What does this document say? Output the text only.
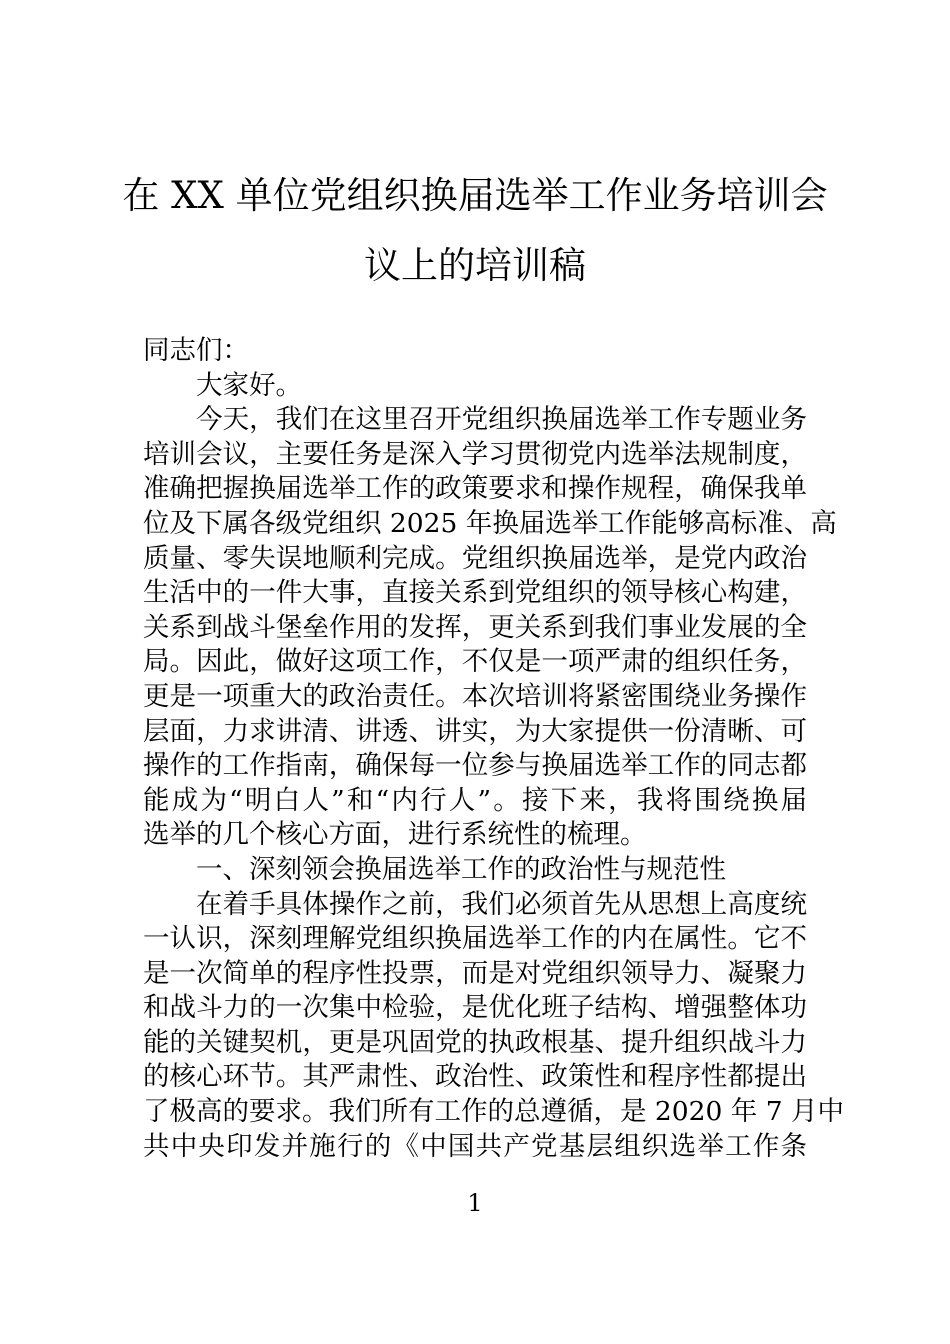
在 XX 单位党组织换届选举工作业务培训会
议上的培训稿
同志们：
大家好。
今天，我们在这里召开党组织换届选举工作专题业务
培训会议，主要任务是深入学习贯彻党内选举法规制度，
准确把握换届选举工作的政策要求和操作规程，确保我单
位及下属各级党组织 2025 年换届选举工作能够高标准、高
质量、零失误地顺利完成。党组织换届选举，是党内政治
生活中的一件大事，直接关系到党组织的领导核心构建，
关系到战斗堡垒作用的发挥，更关系到我们事业发展的全
局。因此，做好这项工作，不仅是一项严肃的组织任务，
更是一项重大的政治责任。本次培训将紧密围绕业务操作
层面，力求讲清、讲透、讲实，为大家提供一份清晰、可
操作的工作指南，确保每一位参与换届选举工作的同志都
能成为“明白人”和“内行人”。接下来，我将围绕换届
选举的几个核心方面，进行系统性的梳理。
一、深刻领会换届选举工作的政治性与规范性
在着手具体操作之前，我们必须首先从思想上高度统
一认识，深刻理解党组织换届选举工作的内在属性。它不
是一次简单的程序性投票，而是对党组织领导力、凝聚力
和战斗力的一次集中检验，是优化班子结构、增强整体功
能的关键契机，更是巩固党的执政根基、提升组织战斗力
的核心环节。其严肃性、政治性、政策性和程序性都提出
了极高的要求。我们所有工作的总遵循，是 2020 年 7 月中
共中央印发并施行的《中国共产党基层组织选举工作条
1
